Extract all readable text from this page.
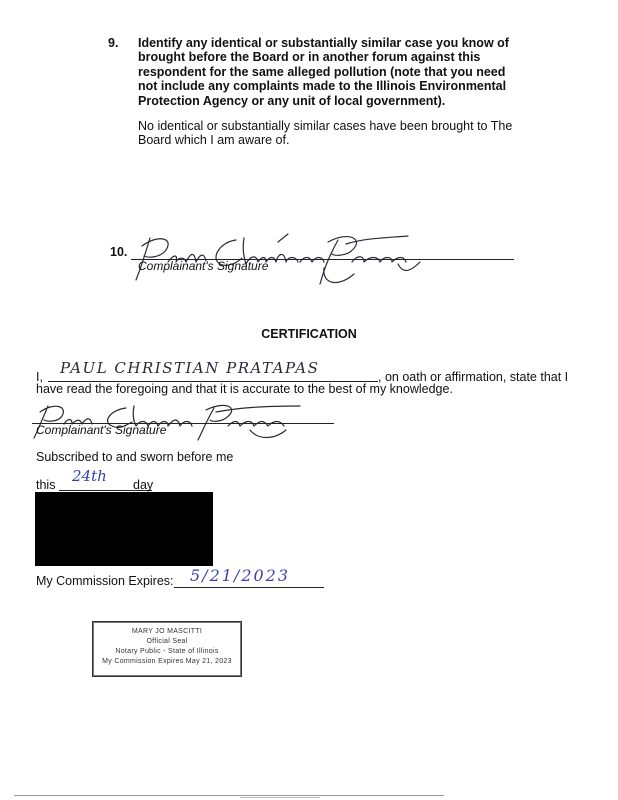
9. Identify any identical or substantially similar case you know of brought before the Board or in another forum against this respondent for the same alleged pollution (note that you need not include any complaints made to the Illinois Environmental Protection Agency or any unit of local government).
No identical or substantially similar cases have been brought to The Board which I am aware of.
10.
Complainant's Signature
CERTIFICATION
I, PAUL CHRISTIAN PRATAPAS	, on oath or affirmation, state that I
have read the foregoing and that it is accurate to the best of my knowledge.
Complainant's Signature
Subscribed to and sworn before me
this 24th day
My Commission Expires: 5/21/2023
MARY JO MASCITTI
Official Seal
Notary Public - State of Illinois
My Commission Expires May 21, 2023
